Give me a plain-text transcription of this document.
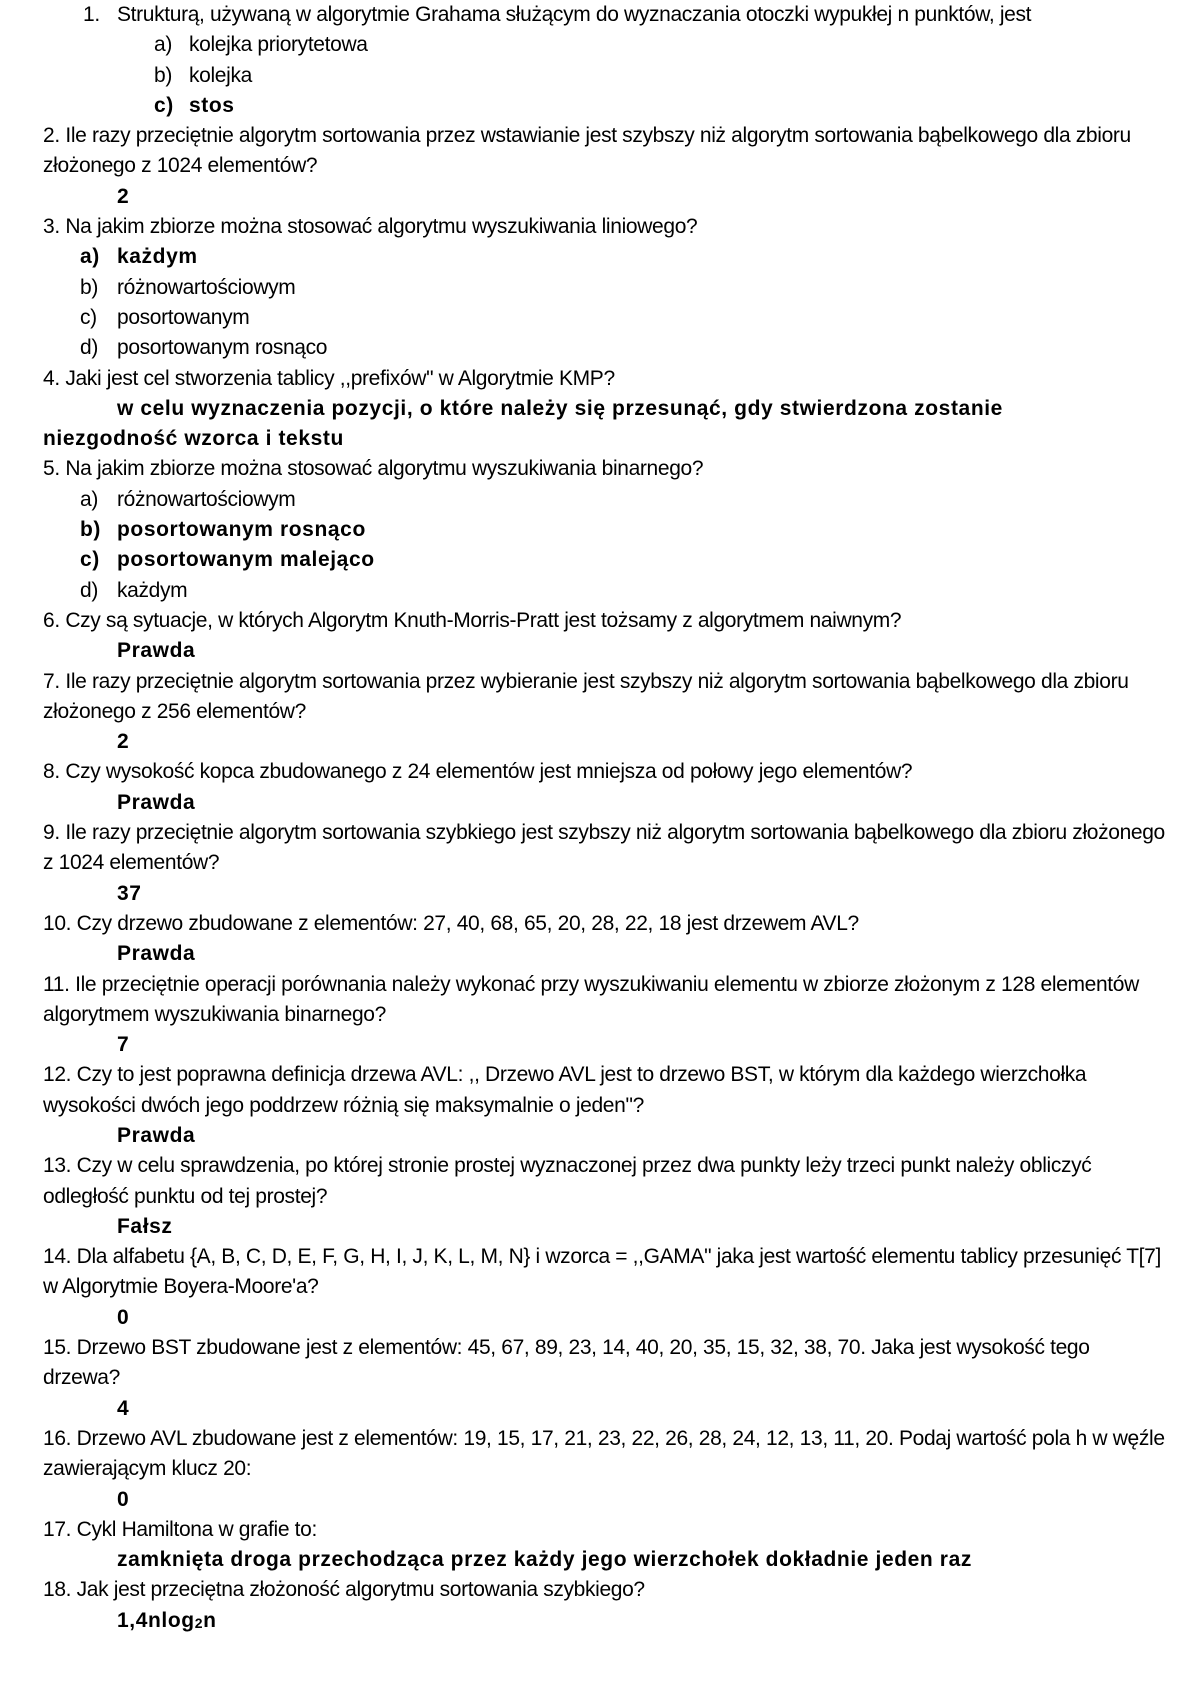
1. Strukturą, używaną w algorytmie Grahama służącym do wyznaczania otoczki wypukłej n punktów, jest
a) kolejka priorytetowa
b) kolejka
c) stos
2. Ile razy przeciętnie algorytm sortowania przez wstawianie jest szybszy niż algorytm sortowania bąbelkowego dla zbioru złożonego z 1024 elementów?
2
3. Na jakim zbiorze można stosować algorytmu wyszukiwania liniowego?
a) każdym
b) różnowartościowym
c) posortowanym
d) posortowanym rosnąco
4. Jaki jest cel stworzenia tablicy ,,prefixów" w Algorytmie KMP?
w celu wyznaczenia pozycji, o które należy się przesunąć, gdy stwierdzona zostanie niezgodność wzorca i tekstu
5. Na jakim zbiorze można stosować algorytmu wyszukiwania binarnego?
a) różnowartościowym
b) posortowanym rosnąco
c) posortowanym malejąco
d) każdym
6. Czy są sytuacje, w których Algorytm Knuth-Morris-Pratt jest tożsamy z algorytmem naiwnym?
Prawda
7. Ile razy przeciętnie algorytm sortowania przez wybieranie jest szybszy niż algorytm sortowania bąbelkowego dla zbioru złożonego z 256 elementów?
2
8. Czy wysokość kopca zbudowanego z 24 elementów jest mniejsza od połowy jego elementów?
Prawda
9. Ile razy przeciętnie algorytm sortowania szybkiego jest szybszy niż algorytm sortowania bąbelkowego dla zbioru złożonego z 1024 elementów?
37
10. Czy drzewo zbudowane z elementów: 27, 40, 68, 65, 20, 28, 22, 18 jest drzewem AVL?
Prawda
11. Ile przeciętnie operacji porównania należy wykonać przy wyszukiwaniu elementu w zbiorze złożonym z 128 elementów algorytmem wyszukiwania binarnego?
7
12. Czy to jest poprawna definicja drzewa AVL: ,, Drzewo AVL jest to drzewo BST, w którym dla każdego wierzchołka wysokości dwóch jego poddrzew różnią się maksymalnie o jeden"?
Prawda
13. Czy w celu sprawdzenia, po której stronie prostej wyznaczonej przez dwa punkty leży trzeci punkt należy obliczyć odległość punktu od tej prostej?
Fałsz
14. Dla alfabetu {A, B, C, D, E, F, G, H, I, J, K, L, M, N} i wzorca = ,,GAMA" jaka jest wartość elementu tablicy przesunięć T[7] w Algorytmie Boyera-Moore'a?
0
15. Drzewo BST zbudowane jest z elementów: 45, 67, 89, 23, 14, 40, 20, 35, 15, 32, 38, 70. Jaka jest wysokość tego drzewa?
4
16. Drzewo AVL zbudowane jest z elementów: 19, 15, 17, 21, 23, 22, 26, 28, 24, 12, 13, 11, 20. Podaj wartość pola h w węźle zawierającym klucz 20:
0
17. Cykl Hamiltona w grafie to:
zamknięta droga przechodząca przez każdy jego wierzchołek dokładnie jeden raz
18. Jak jest przeciętna złożoność algorytmu sortowania szybkiego?
1,4nlog$_2$n
